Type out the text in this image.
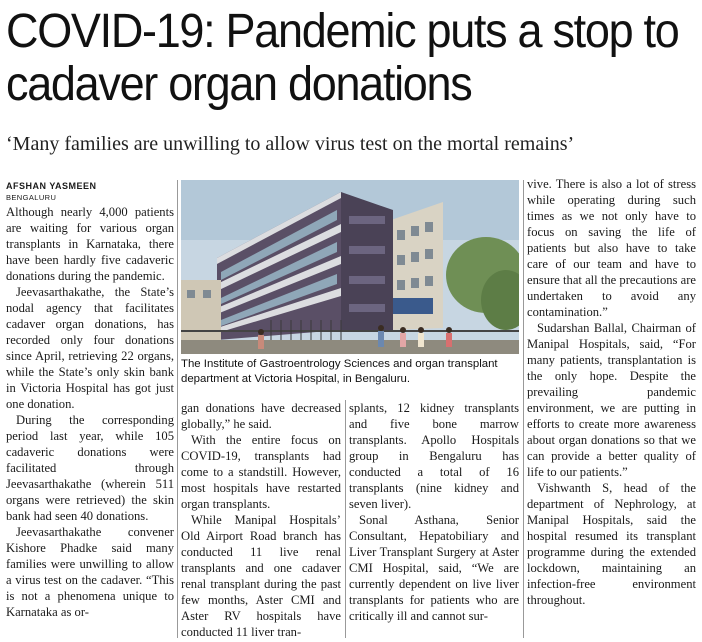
COVID-19: Pandemic puts a stop to cadaver organ donations
‘Many families are unwilling to allow virus test on the mortal remains’
AFSHAN YASMEEN
BENGALURU

Although nearly 4,000 patients are waiting for various organ transplants in Karnataka, there have been hardly five cadaveric donations during the pandemic.

Jeevasarthakathe, the State’s nodal agency that facilitates cadaver organ donations, has recorded only four donations since April, retrieving 22 organs, while the State’s only skin bank in Victoria Hospital has got just one donation.

During the corresponding period last year, while 105 cadaveric donations were facilitated through Jeevasarthakathe (wherein 511 organs were retrieved) the skin bank had seen 40 donations.

Jeevasarthakathe convener Kishore Phadke said many families were unwilling to allow a virus test on the cadaver. “This is not a phenomena unique to Karnataka as or-

The Institute of Gastroentrology Sciences and organ transplant department at Victoria Hospital, in Bengaluru.

gan donations have decreased globally,” he said.

With the entire focus on COVID-19, transplants had come to a standstill. However, most hospitals have restarted organ transplants.

While Manipal Hospitals’ Old Airport Road branch has conducted 11 live renal transplants and one cadaver renal transplant during the past few months, Aster CMI and Aster RV hospitals have conducted 11 liver tran-

splants, 12 kidney transplants and five bone marrow transplants. Apollo Hospitals group in Bengaluru has conducted a total of 16 transplants (nine kidney and seven liver).

Sonal Asthana, Senior Consultant, Hepatobiliary and Liver Transplant Surgery at Aster CMI Hospital, said, “We are currently dependent on live liver transplants for patients who are critically ill and cannot sur-

vive. There is also a lot of stress while operating during such times as we not only have to focus on saving the life of patients but also have to take care of our team and have to ensure that all the precautions are undertaken to avoid any contamination.”

Sudarshan Ballal, Chairman of Manipal Hospitals, said, “For many patients, transplantation is the only hope. Despite the prevailing pandemic environment, we are putting in efforts to create more awareness about organ donations so that we can provide a better quality of life to our patients.”

Vishwanth S, head of the department of Nephrology, at Manipal Hospitals, said the hospital resumed its transplant programme during the extended lockdown, maintaining an infection-free environment throughout.
